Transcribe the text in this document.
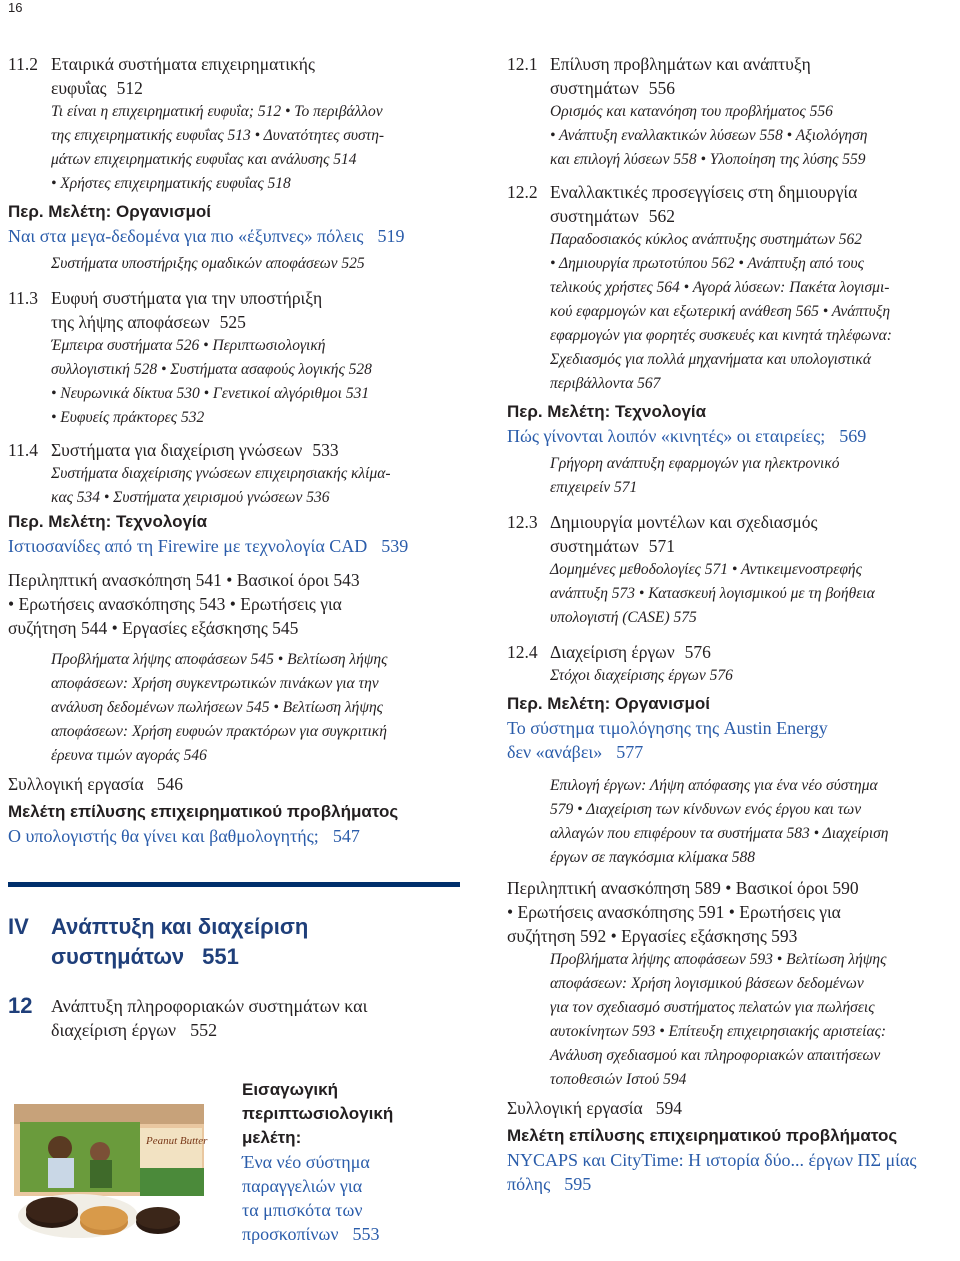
16
11.2 Εταιρικά συστήματα επιχειρηματικής
ευφυΐας 512
Τι είναι η επιχειρηματική ευφυΐα; 512 • Το περιβάλλον
της επιχειρηματικής ευφυΐας 513 • Δυνατότητες συστη-
μάτων επιχειρηματικής ευφυΐας και ανάλυσης 514
• Χρήστες επιχειρηματικής ευφυΐας 518
Περ. Μελέτη: Οργανισμοί
Ναι στα μεγα-δεδομένα για πιο «έξυπνες» πόλεις 519
Συστήματα υποστήριξης ομαδικών αποφάσεων 525
11.3 Ευφυή συστήματα για την υποστήριξη
της λήψης αποφάσεων 525
Έμπειρα συστήματα 526 • Περιπτωσιολογική
συλλογιστική 528 • Συστήματα ασαφούς λογικής 528
• Νευρωνικά δίκτυα 530 • Γενετικοί αλγόριθμοι 531
• Ευφυείς πράκτορες 532
11.4 Συστήματα για διαχείριση γνώσεων 533
Συστήματα διαχείρισης γνώσεων επιχειρησιακής κλίμα-
κας 534 • Συστήματα χειρισμού γνώσεων 536
Περ. Μελέτη: Τεχνολογία
Ιστιοσανίδες από τη Firewire με τεχνολογία CAD 539
Περιληπτική ανασκόπηση 541 • Βασικοί όροι 543
• Ερωτήσεις ανασκόπησης 543 • Ερωτήσεις για
συζήτηση 544 • Εργασίες εξάσκησης 545
Προβλήματα λήψης αποφάσεων 545 • Βελτίωση λήψης
αποφάσεων: Χρήση συγκεντρωτικών πινάκων για την
ανάλυση δεδομένων πωλήσεων 545 • Βελτίωση λήψης
αποφάσεων: Χρήση ευφυών πρακτόρων για συγκριτική
έρευνα τιμών αγοράς 546
Συλλογική εργασία   546
Μελέτη επίλυσης επιχειρηματικού προβλήματος
Ο υπολογιστής θα γίνει και βαθμολογητής; 547
IV	Ανάπτυξη και διαχείριση
συστημάτων 551
12	Ανάπτυξη πληροφοριακών συστημάτων και
διαχείριση έργων 552
Peanut Butter
Εισαγωγική
περιπτωσιολογική
μελέτη:
Ένα νέο σύστημα
παραγγελιών για
τα μπισκότα των
προσκοπίνων 553
12.1 Επίλυση προβλημάτων και ανάπτυξη
συστημάτων 556
Ορισμός και κατανόηση του προβλήματος 556
• Ανάπτυξη εναλλακτικών λύσεων 558 • Αξιολόγηση
και επιλογή λύσεων 558 • Υλοποίηση της λύσης 559
12.2 Εναλλακτικές προσεγγίσεις στη δημιουργία
συστημάτων 562
Παραδοσιακός κύκλος ανάπτυξης συστημάτων 562
• Δημιουργία πρωτοτύπου 562 • Ανάπτυξη από τους
τελικούς χρήστες 564 • Αγορά λύσεων: Πακέτα λογισμι-
κού εφαρμογών και εξωτερική ανάθεση 565 • Ανάπτυξη
εφαρμογών για φορητές συσκευές και κινητά τηλέφωνα:
Σχεδιασμός για πολλά μηχανήματα και υπολογιστικά
περιβάλλοντα 567
Περ. Μελέτη: Τεχνολογία
Πώς γίνονται λοιπόν «κινητές» οι εταιρείες; 569
Γρήγορη ανάπτυξη εφαρμογών για ηλεκτρονικό
επιχειρείν 571
12.3 Δημιουργία μοντέλων και σχεδιασμός
συστημάτων 571
Δομημένες μεθοδολογίες 571 • Αντικειμενοστρεφής
ανάπτυξη 573 • Κατασκευή λογισμικού με τη βοήθεια
υπολογιστή (CASE) 575
12.4 Διαχείριση έργων 576
Στόχοι διαχείρισης έργων 576
Περ. Μελέτη: Οργανισμοί
Το σύστημα τιμολόγησης της Austin Energy
δεν «ανάβει» 577
Επιλογή έργων: Λήψη απόφασης για ένα νέο σύστημα
579 • Διαχείριση των κίνδυνων ενός έργου και των
αλλαγών που επιφέρουν τα συστήματα 583 • Διαχείριση
έργων σε παγκόσμια κλίμακα 588
Περιληπτική ανασκόπηση 589 • Βασικοί όροι 590
• Ερωτήσεις ανασκόπησης 591 • Ερωτήσεις για
συζήτηση 592 • Εργασίες εξάσκησης 593
Προβλήματα λήψης αποφάσεων 593 • Βελτίωση λήψης
αποφάσεων: Χρήση λογισμικού βάσεων δεδομένων
για τον σχεδιασμό συστήματος πελατών για πωλήσεις
αυτοκίνητων 593 • Επίτευξη επιχειρησιακής αριστείας:
Ανάλυση σχεδιασμού και πληροφοριακών απαιτήσεων
τοποθεσιών Ιστού 594
Συλλογική εργασία   594
Μελέτη επίλυσης επιχειρηματικού προβλήματος
NYCAPS και CityTime: Η ιστορία δύο... έργων ΠΣ μίας
πόλης 595
